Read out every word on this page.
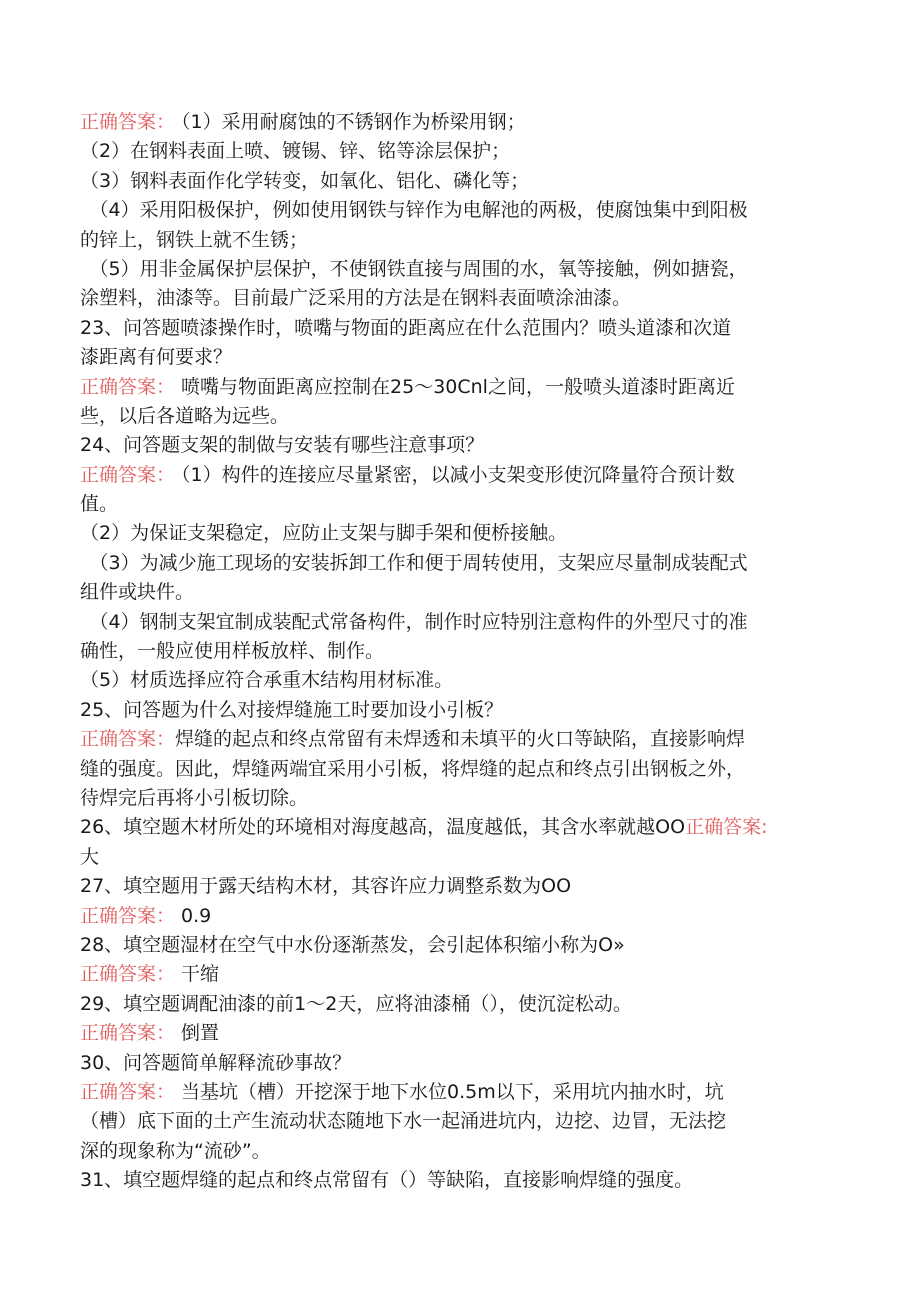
正确答案： （1）采用耐腐蚀的不锈钢作为桥梁用钢；
（2）在钢料表面上喷、镀锡、锌、铭等涂层保护；
（3）钢料表面作化学转变，如氧化、铝化、磷化等；
　（4）采用阳极保护，例如使用钢铁与锌作为电解池的两极，使腐蚀集中到阳极
的锌上，钢铁上就不生锈；
　（5）用非金属保护层保护，不使钢铁直接与周围的水，氧等接触，例如搪瓷，
涂塑料，油漆等。目前最广泛采用的方法是在钢料表面喷涂油漆。
23、问答题喷漆操作时，喷嘴与物面的距离应在什么范围内？喷头道漆和次道
漆距离有何要求？
正确答案： 喷嘴与物面距离应控制在25～30Cnl之间，一般喷头道漆时距离近
些，以后各道略为远些。
24、问答题支架的制做与安装有哪些注意事项？
正确答案： （1）构件的连接应尽量紧密，以减小支架变形使沉降量符合预计数
值。
（2）为保证支架稳定，应防止支架与脚手架和便桥接触。
　（3）为减少施工现场的安装拆卸工作和便于周转使用，支架应尽量制成装配式
组件或块件。
　（4）钢制支架宜制成装配式常备构件，制作时应特别注意构件的外型尺寸的准
确性，一般应使用样板放样、制作。
（5）材质选择应符合承重木结构用材标准。
25、问答题为什么对接焊缝施工时要加设小引板？
正确答案：焊缝的起点和终点常留有未焊透和未填平的火口等缺陷，直接影响焊
缝的强度。因此，焊缝两端宜采用小引板，将焊缝的起点和终点引出钢板之外，
待焊完后再将小引板切除。
26、填空题木材所处的环境相对海度越高，温度越低，其含水率就越OO正确答案:
大
27、填空题用于露天结构木材，其容许应力调整系数为OO
正确答案： 0.9
28、填空题湿材在空气中水份逐渐蒸发，会引起体积缩小称为O»
正确答案： 干缩
29、填空题调配油漆的前1～2天，应将油漆桶（），使沉淀松动。
正确答案： 倒置
30、问答题简单解释流砂事故？
正确答案： 当基坑（槽）开挖深于地下水位0.5m以下，采用坑内抽水时，坑
（槽）底下面的土产生流动状态随地下水一起涌进坑内，边挖、边冒，无法挖
深的现象称为“流砂”。
31、填空题焊缝的起点和终点常留有（）等缺陷，直接影响焊缝的强度。
